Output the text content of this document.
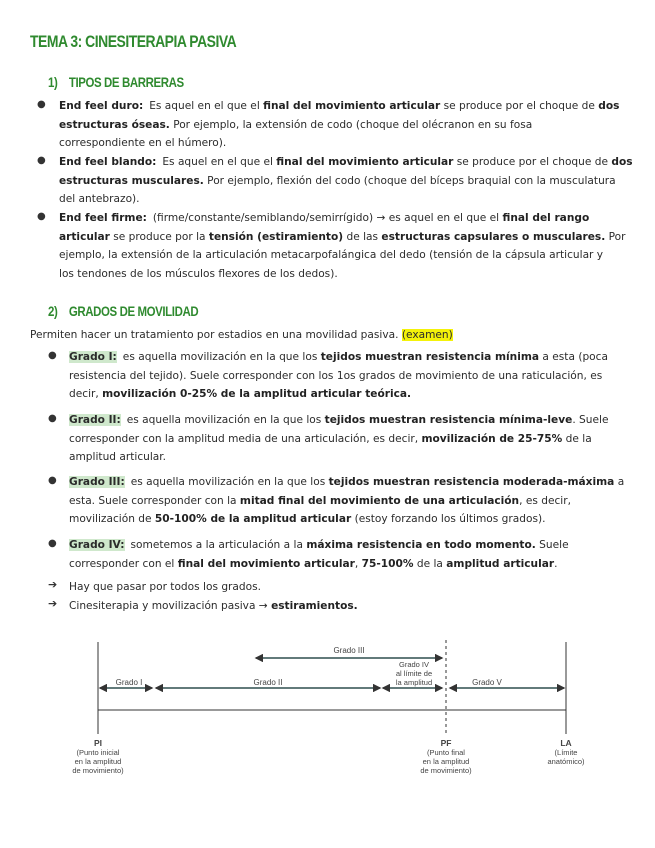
TEMA 3: CINESITERAPIA PASIVA
1) TIPOS DE BARRERAS
● End feel duro: Es aquel en el que el final del movimiento articular se produce por el choque de dos
estructuras óseas. Por ejemplo, la extensión de codo (choque del olécranon en su fosa
correspondiente en el húmero).
● End feel blando: Es aquel en el que el final del movimiento articular se produce por el choque de dos
estructuras musculares. Por ejemplo, flexión del codo (choque del bíceps braquial con la musculatura
del antebrazo).
● End feel firme: (firme/constante/semiblando/semirrígido) → es aquel en el que el final del rango
articular se produce por la tensión (estiramiento) de las estructuras capsulares o musculares. Por
ejemplo, la extensión de la articulación metacarpofalángica del dedo (tensión de la cápsula articular y
los tendones de los músculos flexores de los dedos).
2) GRADOS DE MOVILIDAD
Permiten hacer un tratamiento por estadios en una movilidad pasiva. (examen)
● Grado I: es aquella movilización en la que los tejidos muestran resistencia mínima a esta (poca
resistencia del tejido). Suele corresponder con los 1os grados de movimiento de una raticulación, es
decir, movilización 0-25% de la amplitud articular teórica.
● Grado II: es aquella movilización en la que los tejidos muestran resistencia mínima-leve. Suele
corresponder con la amplitud media de una articulación, es decir, movilización de 25-75% de la
amplitud articular.
● Grado III: es aquella movilización en la que los tejidos muestran resistencia moderada-máxima a
esta. Suele corresponder con la mitad final del movimiento de una articulación, es decir,
movilización de 50-100% de la amplitud articular (estoy forzando los últimos grados).
● Grado IV: sometemos a la articulación a la máxima resistencia en todo momento. Suele
corresponder con el final del movimiento articular, 75-100% de la amplitud articular.
➔ Hay que pasar por todos los grados.
➔ Cinesiterapia y movilización pasiva → estiramientos.
Grado III
Grado IV
al límite de
la amplitud
Grado I	Grado II	Grado V
PI
(Punto inicial
en la amplitud
de movimiento)
PF
(Punto final
en la amplitud
de movimiento)
LA
(Límite
anatómico)
